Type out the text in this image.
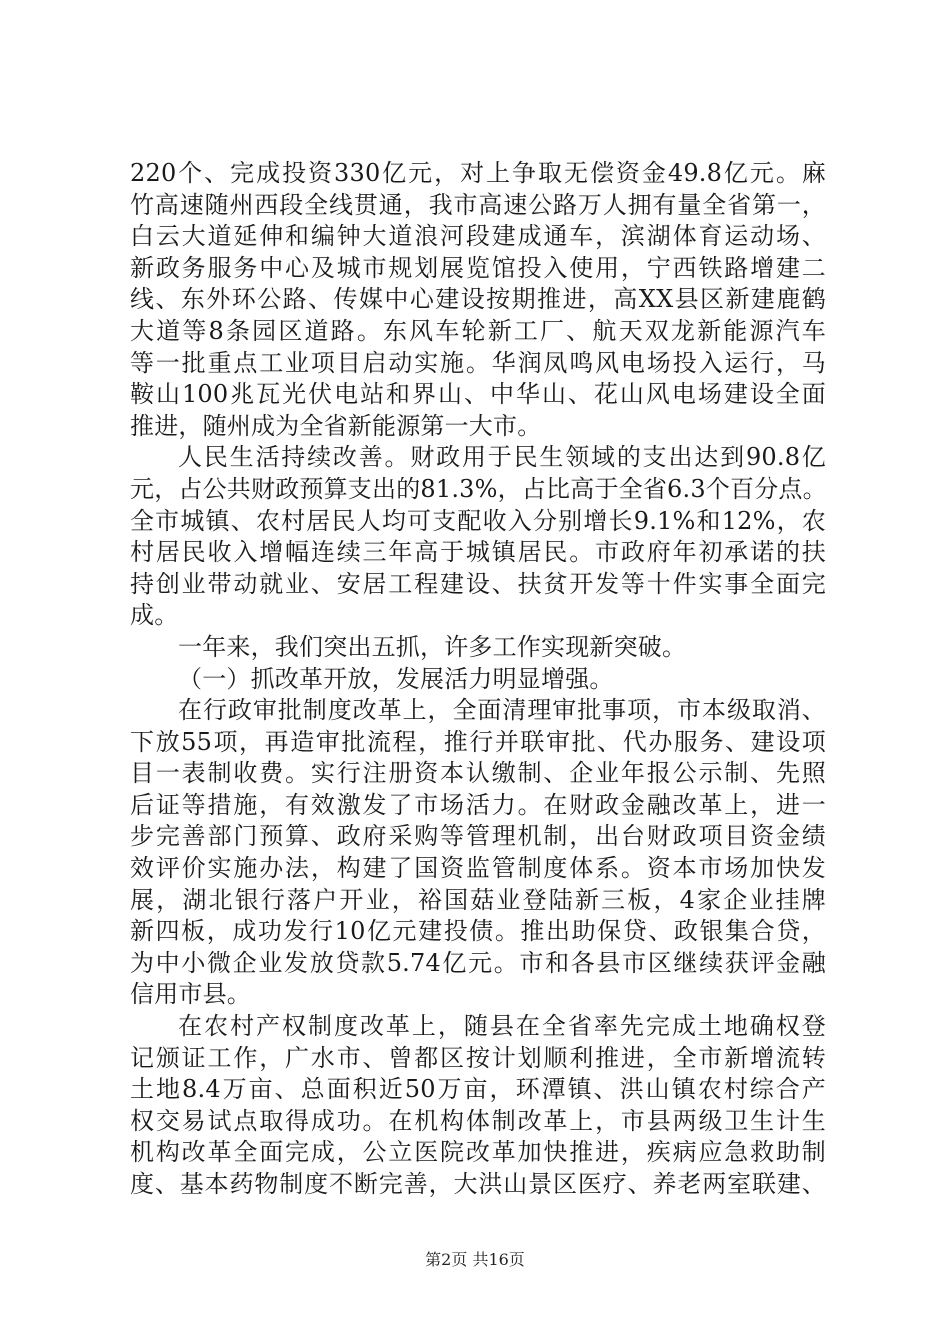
220个、完成投资330亿元，对上争取无偿资金49.8亿元。麻
竹高速随州西段全线贯通，我市高速公路万人拥有量全省第一，
白云大道延伸和编钟大道浪河段建成通车，滨湖体育运动场、
新政务服务中心及城市规划展览馆投入使用，宁西铁路增建二
线、东外环公路、传媒中心建设按期推进，高XX县区新建鹿鹤
大道等8条园区道路。东风车轮新工厂、航天双龙新能源汽车
等一批重点工业项目启动实施。华润凤鸣风电场投入运行，马
鞍山100兆瓦光伏电站和界山、中华山、花山风电场建设全面
推进，随州成为全省新能源第一大市。
人民生活持续改善。财政用于民生领域的支出达到90.8亿
元，占公共财政预算支出的81.3%，占比高于全省6.3个百分点。
全市城镇、农村居民人均可支配收入分别增长9.1%和12%，农
村居民收入增幅连续三年高于城镇居民。市政府年初承诺的扶
持创业带动就业、安居工程建设、扶贫开发等十件实事全面完
成。
一年来，我们突出五抓，许多工作实现新突破。
（一）抓改革开放，发展活力明显增强。
在行政审批制度改革上，全面清理审批事项，市本级取消、
下放55项，再造审批流程，推行并联审批、代办服务、建设项
目一表制收费。实行注册资本认缴制、企业年报公示制、先照
后证等措施，有效激发了市场活力。在财政金融改革上，进一
步完善部门预算、政府采购等管理机制，出台财政项目资金绩
效评价实施办法，构建了国资监管制度体系。资本市场加快发
展，湖北银行落户开业，裕国菇业登陆新三板，4家企业挂牌
新四板，成功发行10亿元建投债。推出助保贷、政银集合贷，
为中小微企业发放贷款5.74亿元。市和各县市区继续获评金融
信用市县。
在农村产权制度改革上，随县在全省率先完成土地确权登
记颁证工作，广水市、曾都区按计划顺利推进，全市新增流转
土地8.4万亩、总面积近50万亩，环潭镇、洪山镇农村综合产
权交易试点取得成功。在机构体制改革上，市县两级卫生计生
机构改革全面完成，公立医院改革加快推进，疾病应急救助制
度、基本药物制度不断完善，大洪山景区医疗、养老两室联建、
第2页 共16页
